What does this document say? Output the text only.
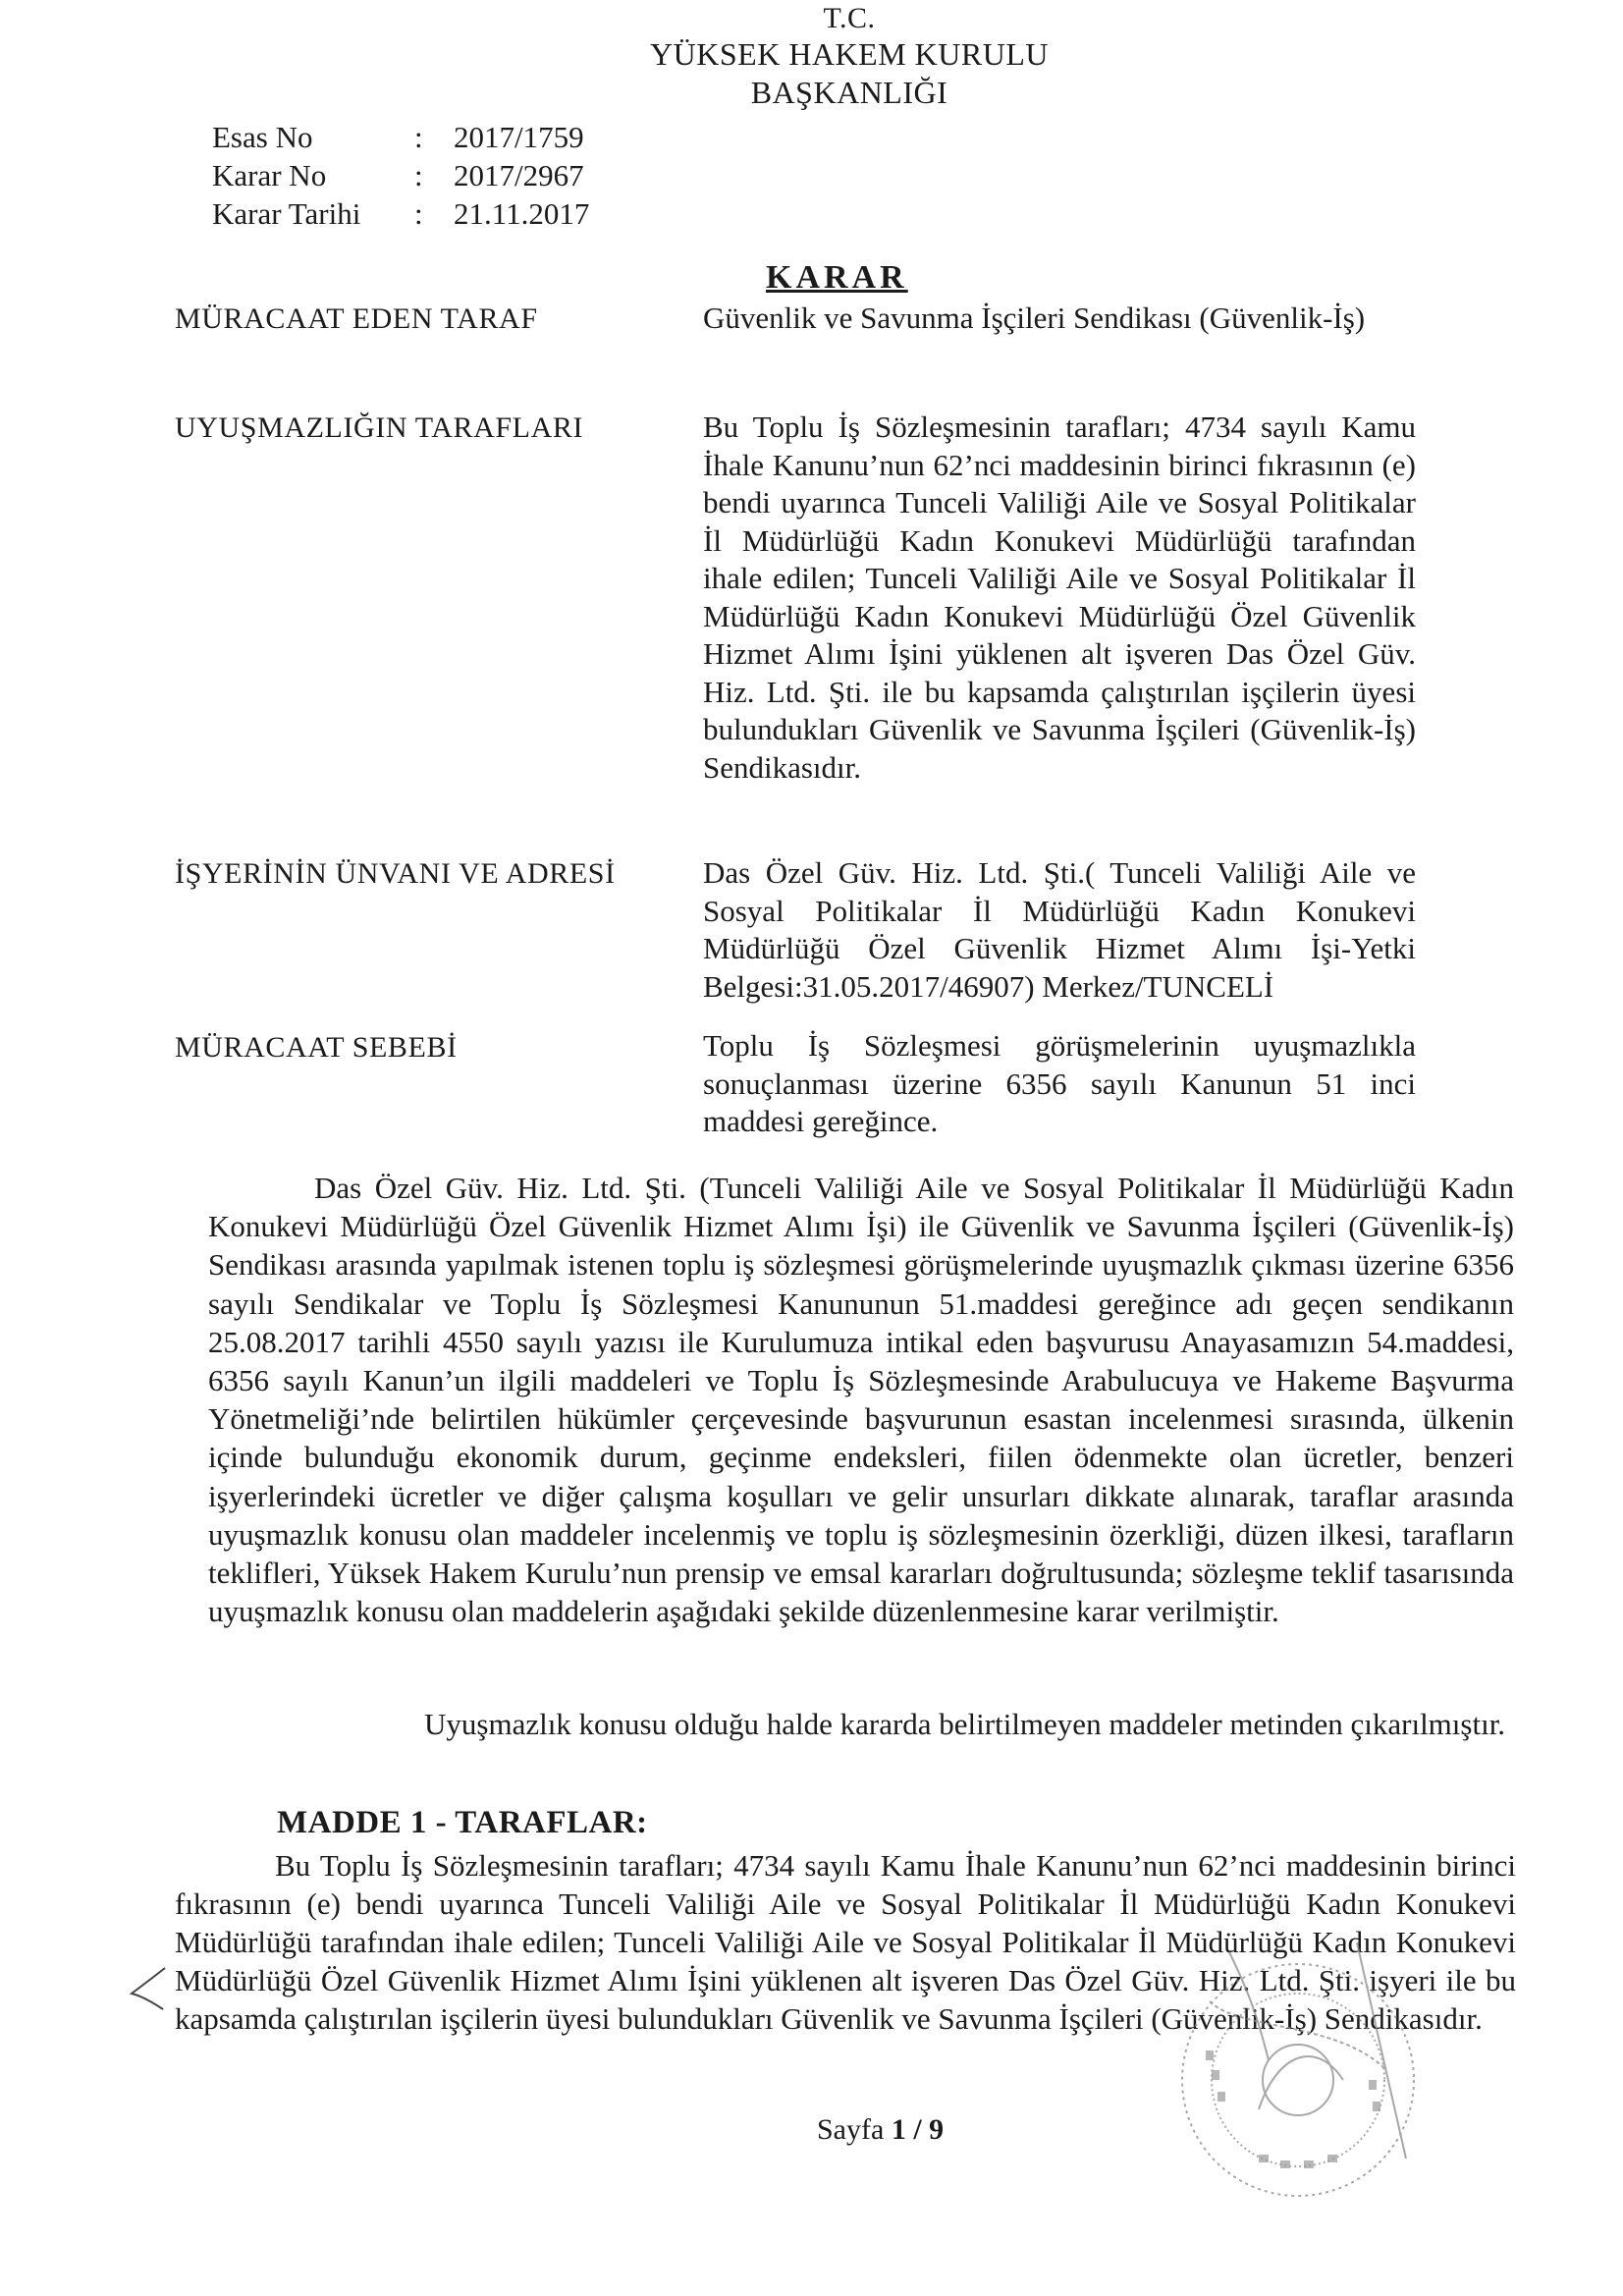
T.C.
YÜKSEK HAKEM KURULU
BAŞKANLIĞI
Esas No	:	2017/1759
Karar No	:	2017/2967
Karar Tarihi	:	21.11.2017
KARAR
MÜRACAAT EDEN TARAF	Güvenlik ve Savunma İşçileri Sendikası (Güvenlik-İş)
UYUŞMAZLIĞIN TARAFLARI	Bu Toplu İş Sözleşmesinin tarafları; 4734 sayılı Kamu İhale Kanunu’nun 62’nci maddesinin birinci fıkrasının (e) bendi uyarınca Tunceli Valiliği Aile ve Sosyal Politikalar İl Müdürlüğü Kadın Konukevi Müdürlüğü tarafından ihale edilen; Tunceli Valiliği Aile ve Sosyal Politikalar İl Müdürlüğü Kadın Konukevi Müdürlüğü Özel Güvenlik Hizmet Alımı İşini yüklenen alt işveren Das Özel Güv. Hiz. Ltd. Şti. ile bu kapsamda çalıştırılan işçilerin üyesi bulundukları Güvenlik ve Savunma İşçileri (Güvenlik-İş) Sendikasıdır.
İŞYERİNİN ÜNVANI VE ADRESİ	Das Özel Güv. Hiz. Ltd. Şti.( Tunceli Valiliği Aile ve Sosyal Politikalar İl Müdürlüğü Kadın Konukevi Müdürlüğü Özel Güvenlik Hizmet Alımı İşi-Yetki Belgesi:31.05.2017/46907) Merkez/TUNCELİ
MÜRACAAT SEBEBİ	Toplu İş Sözleşmesi görüşmelerinin uyuşmazlıkla sonuçlanması üzerine 6356 sayılı Kanunun 51 inci maddesi gereğince.
Das Özel Güv. Hiz. Ltd. Şti. (Tunceli Valiliği Aile ve Sosyal Politikalar İl Müdürlüğü Kadın Konukevi Müdürlüğü Özel Güvenlik Hizmet Alımı İşi) ile Güvenlik ve Savunma İşçileri (Güvenlik-İş) Sendikası arasında yapılmak istenen toplu iş sözleşmesi görüşmelerinde uyuşmazlık çıkması üzerine 6356 sayılı Sendikalar ve Toplu İş Sözleşmesi Kanununun 51.maddesi gereğince adı geçen sendikanın 25.08.2017 tarihli 4550 sayılı yazısı ile Kurulumuza intikal eden başvurusu Anayasamızın 54.maddesi, 6356 sayılı Kanun’un ilgili maddeleri ve Toplu İş Sözleşmesinde Arabulucuya ve Hakeme Başvurma Yönetmeliği’nde belirtilen hükümler çerçevesinde başvurunun esastan incelenmesi sırasında, ülkenin içinde bulunduğu ekonomik durum, geçinme endeksleri, fiilen ödenmekte olan ücretler, benzeri işyerlerindeki ücretler ve diğer çalışma koşulları ve gelir unsurları dikkate alınarak, taraflar arasında uyuşmazlık konusu olan maddeler incelenmiş ve toplu iş sözleşmesinin özerkliği, düzen ilkesi, tarafların teklifleri, Yüksek Hakem Kurulu’nun prensip ve emsal kararları doğrultusunda; sözleşme teklif tasarısında uyuşmazlık konusu olan maddelerin aşağıdaki şekilde düzenlenmesine karar verilmiştir.
Uyuşmazlık konusu olduğu halde kararda belirtilmeyen maddeler metinden çıkarılmıştır.
MADDE 1 - TARAFLAR:
Bu Toplu İş Sözleşmesinin tarafları; 4734 sayılı Kamu İhale Kanunu’nun 62’nci maddesinin birinci fıkrasının (e) bendi uyarınca Tunceli Valiliği Aile ve Sosyal Politikalar İl Müdürlüğü Kadın Konukevi Müdürlüğü tarafından ihale edilen; Tunceli Valiliği Aile ve Sosyal Politikalar İl Müdürlüğü Kadın Konukevi Müdürlüğü Özel Güvenlik Hizmet Alımı İşini yüklenen alt işveren Das Özel Güv. Hiz. Ltd. Şti. işyeri ile bu kapsamda çalıştırılan işçilerin üyesi bulundukları Güvenlik ve Savunma İşçileri (Güvenlik-İş) Sendikasıdır.
Sayfa 1 / 9
